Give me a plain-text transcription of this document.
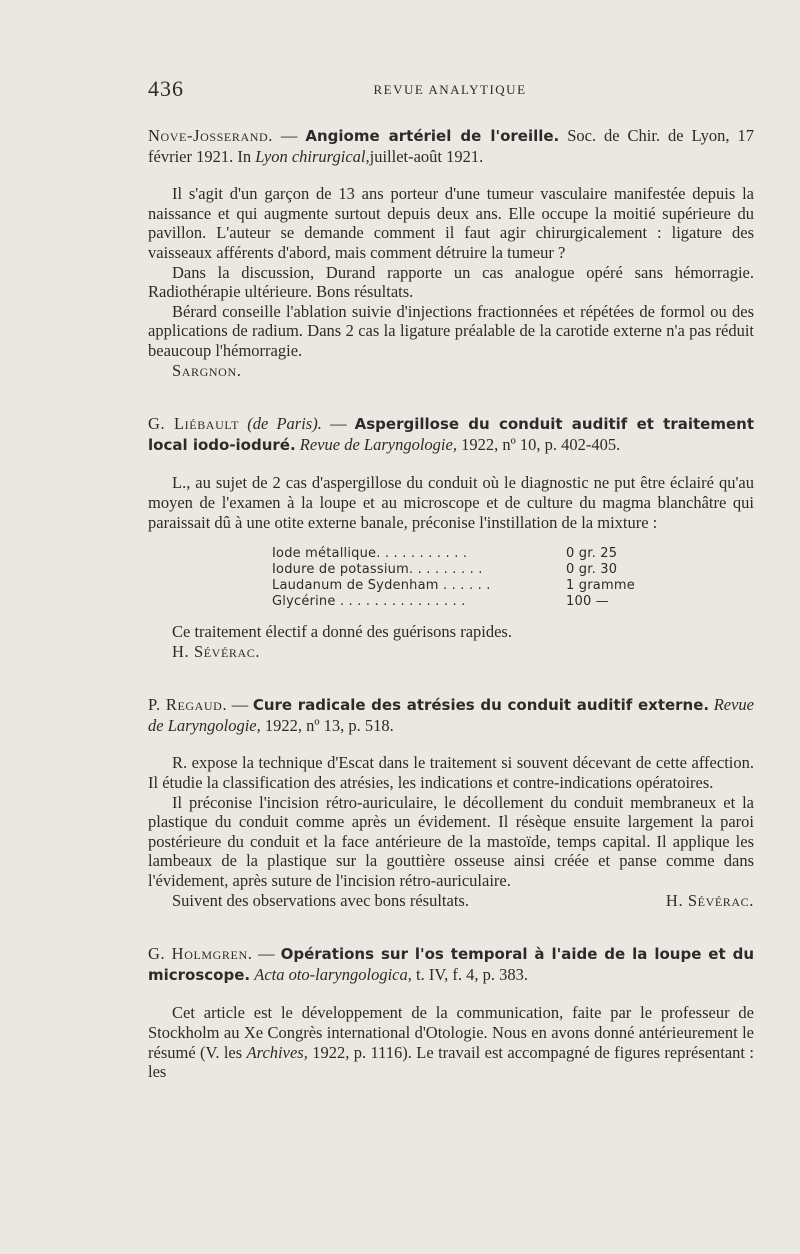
436	REVUE ANALYTIQUE

Nove-Josserand. — Angiome artériel de l'oreille. Soc. de Chir. de Lyon, 17 février 1921. In Lyon chirurgical,juillet-août 1921.

Il s'agit d'un garçon de 13 ans porteur d'une tumeur vasculaire manifestée depuis la naissance et qui augmente surtout depuis deux ans. Elle occupe la moitié supérieure du pavillon. L'auteur se demande comment il faut agir chirurgicalement : ligature des vaisseaux afférents d'abord, mais comment détruire la tumeur ?

Dans la discussion, Durand rapporte un cas analogue opéré sans hémorragie. Radiothérapie ultérieure. Bons résultats.

Bérard conseille l'ablation suivie d'injections fractionnées et répétées de formol ou des applications de radium. Dans 2 cas la ligature préalable de la carotide externe n'a pas réduit beaucoup l'hémorragie.

Sargnon.

G. Liébault (de Paris). — Aspergillose du conduit auditif et traitement local iodo-ioduré. Revue de Laryngologie, 1922, nº 10, p. 402-405.

L., au sujet de 2 cas d'aspergillose du conduit où le diagnostic ne put être éclairé qu'au moyen de l'examen à la loupe et au microscope et de culture du magma blanchâtre qui paraissait dû à une otite externe banale, préconise l'instillation de la mixture :

Iode métallique. . . . . . . . . . .	0 gr. 25
Iodure de potassium. . . . . . . . .	0 gr. 30
Laudanum de Sydenham . . . . . .	1 gramme
Glycérine . . . . . . . . . . . . . . .	100 —

Ce traitement électif a donné des guérisons rapides.

H. Sévérac.

P. Regaud. — Cure radicale des atrésies du conduit auditif externe. Revue de Laryngologie, 1922, nº 13, p. 518.

R. expose la technique d'Escat dans le traitement si souvent décevant de cette affection. Il étudie la classification des atrésies, les indications et contre-indications opératoires.

Il préconise l'incision rétro-auriculaire, le décollement du conduit membraneux et la plastique du conduit comme après un évidement. Il résèque ensuite largement la paroi postérieure du conduit et la face antérieure de la mastoïde, temps capital. Il applique les lambeaux de la plastique sur la gouttière osseuse ainsi créée et panse comme dans l'évidement, après suture de l'incision rétro-auriculaire.

Suivent des observations avec bons résultats.	H. Sévérac.

G. Holmgren. — Opérations sur l'os temporal à l'aide de la loupe et du microscope. Acta oto-laryngologica, t. IV, f. 4, p. 383.

Cet article est le développement de la communication, faite par le professeur de Stockholm au Xe Congrès international d'Otologie. Nous en avons donné antérieurement le résumé (V. les Archives, 1922, p. 1116). Le travail est accompagné de figures représentant : les
